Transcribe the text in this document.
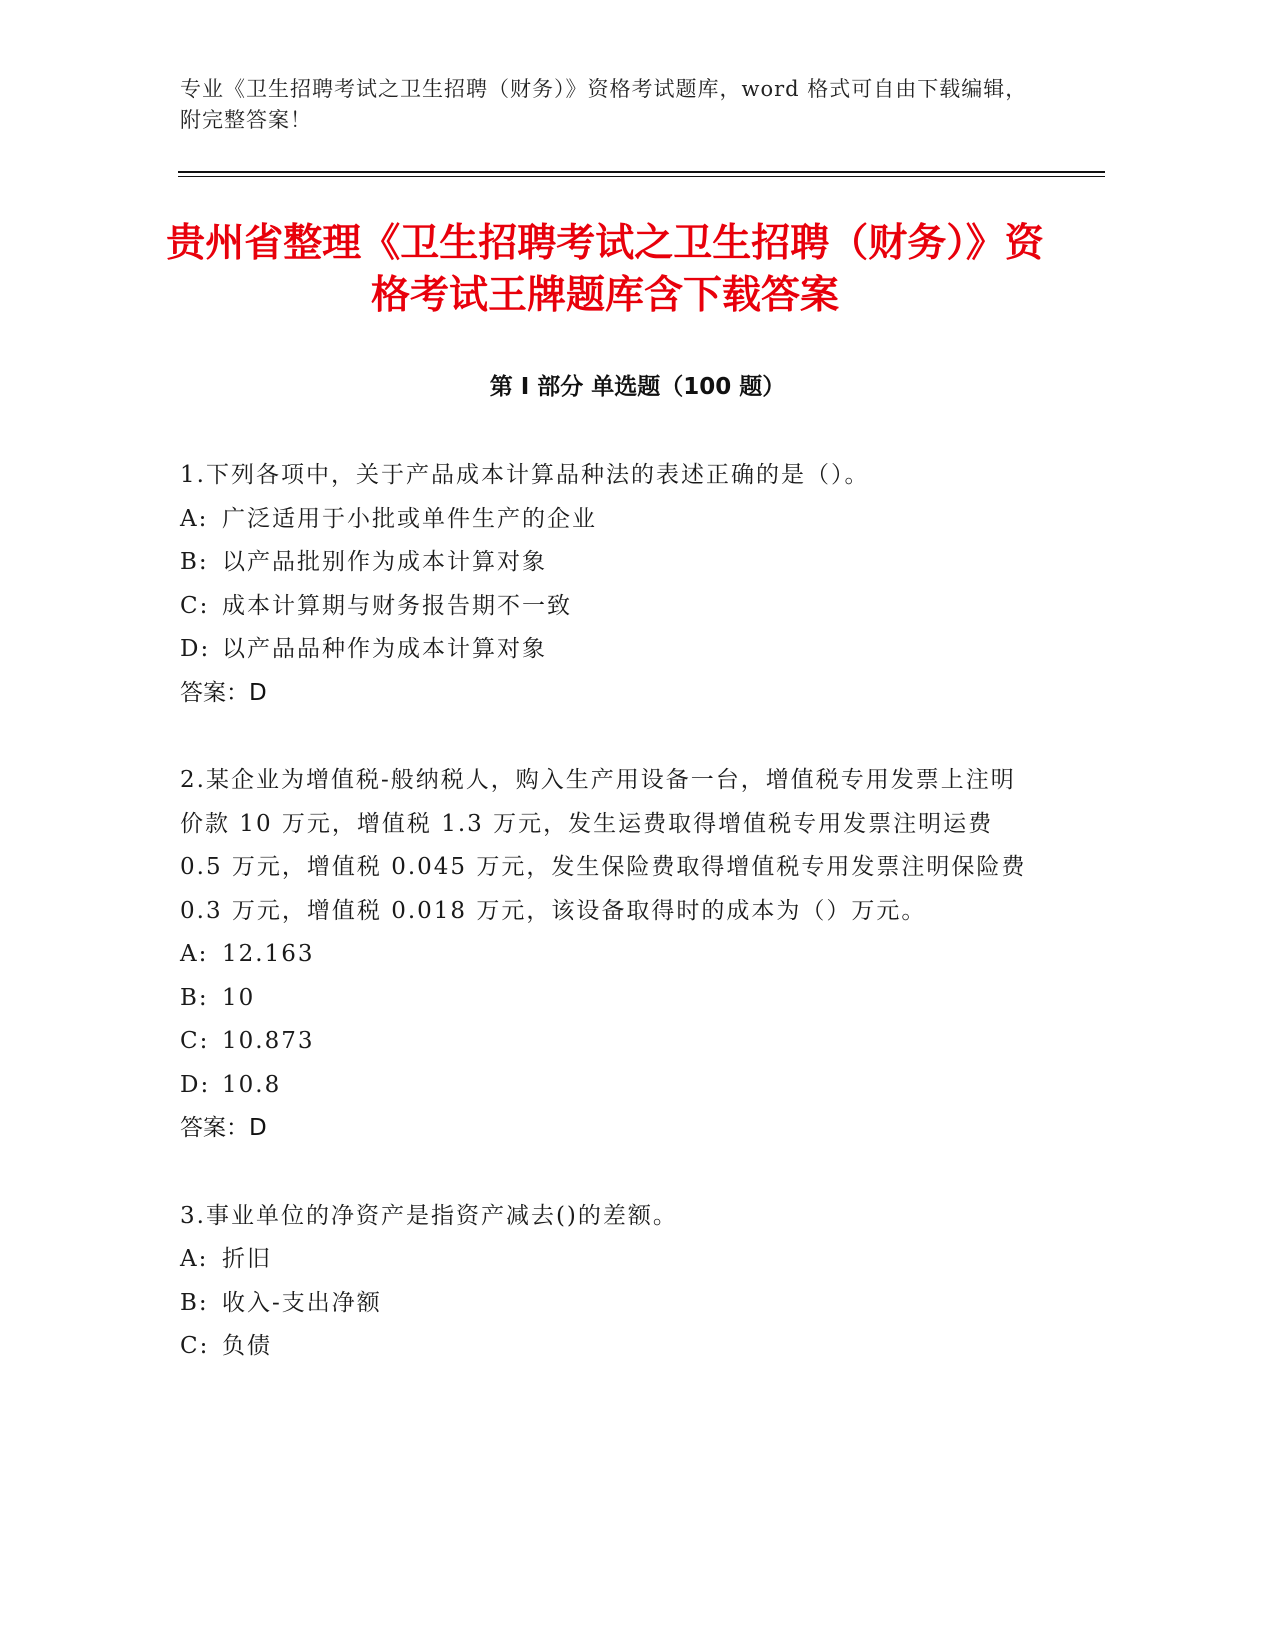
专业《卫生招聘考试之卫生招聘（财务）》资格考试题库，word 格式可自由下载编辑，附完整答案！
贵州省整理《卫生招聘考试之卫生招聘（财务）》资格考试王牌题库含下载答案
第 I 部分 单选题（100 题）

1.下列各项中，关于产品成本计算品种法的表述正确的是（）。

A: 广泛适用于小批或单件生产的企业
B: 以产品批别作为成本计算对象
C: 成本计算期与财务报告期不一致
D: 以产品品种作为成本计算对象

答案：D

2.某企业为增值税-般纳税人，购入生产用设备一台，增值税专用发票上注明价款 10 万元，增值税 1.3 万元，发生运费取得增值税专用发票注明运费 0.5 万元，增值税 0.045 万元，发生保险费取得增值税专用发票注明保险费 0.3 万元，增值税 0.018 万元，该设备取得时的成本为（）万元。

A: 12.163
B: 10
C: 10.873
D: 10.8

答案：D

3.事业单位的净资产是指资产减去()的差额。

A: 折旧
B: 收入-支出净额
C: 负债
